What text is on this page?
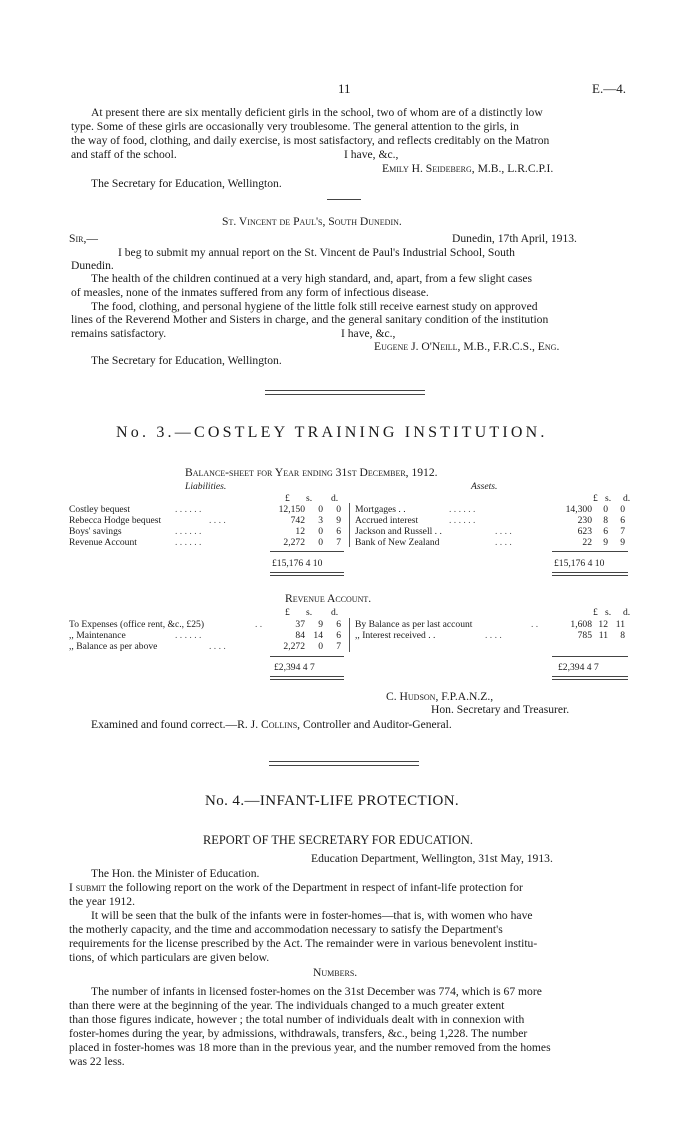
11	E.—4.
At present there are six mentally deficient girls in the school, two of whom are of a distinctly low
type. Some of these girls are occasionally very troublesome. The general attention to the girls, in
the way of food, clothing, and daily exercise, is most satisfactory, and reflects creditably on the Matron
and staff of the school.	I have, &c.,
Emily H. Seideberg, M.B., L.R.C.P.I.
The Secretary for Education, Wellington.
St. Vincent de Paul's, South Dunedin.
Sir,—	Dunedin, 17th April, 1913.
I beg to submit my annual report on the St. Vincent de Paul's Industrial School, South
Dunedin.
The health of the children continued at a very high standard, and, apart, from a few slight cases
of measles, none of the inmates suffered from any form of infectious disease.
The food, clothing, and personal hygiene of the little folk still receive earnest study on approved
lines of the Reverend Mother and Sisters in charge, and the general sanitary condition of the institution
remains satisfactory.	I have, &c.,
Eugene J. O'Neill, M.B., F.R.C.S., Eng.
The Secretary for Education, Wellington.
No. 3.—COSTLEY TRAINING INSTITUTION.
Balance-sheet for Year ending 31st December, 1912.
Liabilities.	Assets.
£ s. d.	£ s. d.
Costley bequest	. . . . . .	12,150	0	0
Rebecca Hodge bequest	. . . .	742	3	9
Boys' savings	. . . . . .	12	0	6
Revenue Account	. . . . . .	2,272	0	7
£15,176 4 10
Mortgages . .	. . . . . .	14,300	0	0
Accrued interest	. . . . . .	230	8	6
Jackson and Russell . .	. . . .	623	6	7
Bank of New Zealand	. . . .	22	9	9
£15,176 4 10
Revenue Account.
£ s. d.	£ s. d.
To Expenses (office rent, &c., £25)	. .	37	9	6
,, Maintenance	. . . . . .	84 14	6
,, Balance as per above	. . . .	2,272	0	7
£2,394 4 7
By Balance as per last account	. .	1,608 12 11
,, Interest received . .	. . . .	785 11	8
£2,394 4 7
C. Hudson, F.P.A.N.Z.,
Hon. Secretary and Treasurer.
Examined and found correct.—R. J. Collins, Controller and Auditor-General.
No. 4.—INFANT-LIFE PROTECTION.
REPORT OF THE SECRETARY FOR EDUCATION.
Education Department, Wellington, 31st May, 1913.
The Hon. the Minister of Education.
I submit the following report on the work of the Department in respect of infant-life protection for
the year 1912.
It will be seen that the bulk of the infants were in foster-homes—that is, with women who have
the motherly capacity, and the time and accommodation necessary to satisfy the Department's
requirements for the license prescribed by the Act. The remainder were in various benevolent institu-
tions, of which particulars are given below.
Numbers.
The number of infants in licensed foster-homes on the 31st December was 774, which is 67 more
than there were at the beginning of the year. The individuals changed to a much greater extent
than those figures indicate, however ; the total number of individuals dealt with in connexion with
foster-homes during the year, by admissions, withdrawals, transfers, &c., being 1,228. The number
placed in foster-homes was 18 more than in the previous year, and the number removed from the homes
was 22 less.
